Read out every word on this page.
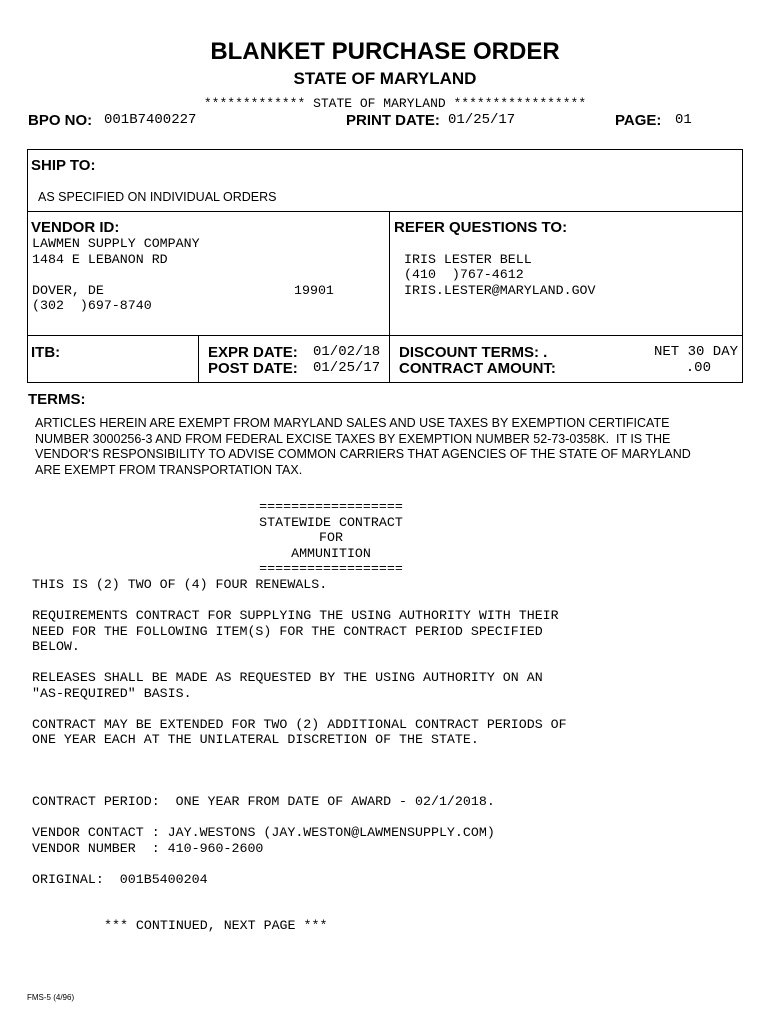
BLANKET PURCHASE ORDER
STATE OF MARYLAND
************* STATE OF MARYLAND *****************
BPO NO: 001B7400227	PRINT DATE: 01/25/17	PAGE: 01
SHIP TO:
AS SPECIFIED ON INDIVIDUAL ORDERS
VENDOR ID:
LAWMEN SUPPLY COMPANY
1484 E LEBANON RD
DOVER, DE	19901
(302  )697-8740
REFER QUESTIONS TO:
IRIS LESTER BELL
(410  )767-4612
IRIS.LESTER@MARYLAND.GOV
ITB:	EXPR DATE: 01/02/18
POST DATE: 01/25/17
DISCOUNT TERMS: .	NET 30 DAY
CONTRACT AMOUNT:	.00
TERMS:
ARTICLES HEREIN ARE EXEMPT FROM MARYLAND SALES AND USE TAXES BY EXEMPTION CERTIFICATE
NUMBER 3000256-3 AND FROM FEDERAL EXCISE TAXES BY EXEMPTION NUMBER 52-73-0358K.  IT IS THE
VENDOR'S RESPONSIBILITY TO ADVISE COMMON CARRIERS THAT AGENCIES OF THE STATE OF MARYLAND
ARE EXEMPT FROM TRANSPORTATION TAX.
==================
STATEWIDE CONTRACT
FOR
AMMUNITION
==================
THIS IS (2) TWO OF (4) FOUR RENEWALS.
REQUIREMENTS CONTRACT FOR SUPPLYING THE USING AUTHORITY WITH THEIR
NEED FOR THE FOLLOWING ITEM(S) FOR THE CONTRACT PERIOD SPECIFIED
BELOW.
RELEASES SHALL BE MADE AS REQUESTED BY THE USING AUTHORITY ON AN
"AS-REQUIRED" BASIS.
CONTRACT MAY BE EXTENDED FOR TWO (2) ADDITIONAL CONTRACT PERIODS OF
ONE YEAR EACH AT THE UNILATERAL DISCRETION OF THE STATE.
CONTRACT PERIOD:  ONE YEAR FROM DATE OF AWARD - 02/1/2018.
VENDOR CONTACT : JAY.WESTONS (JAY.WESTON@LAWMENSUPPLY.COM)
VENDOR NUMBER  : 410-960-2600
ORIGINAL:  001B5400204
*** CONTINUED, NEXT PAGE ***
FMS-5 (4/96)
